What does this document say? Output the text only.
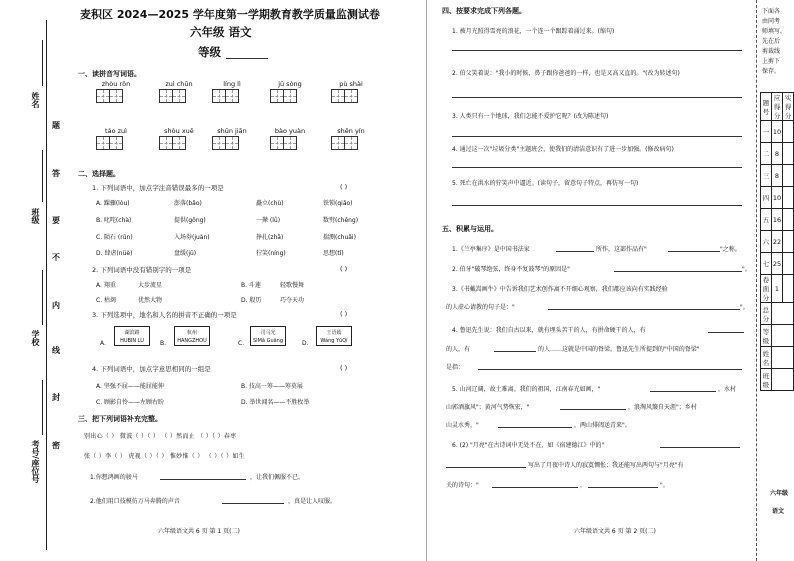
姓名
班级
学校
考号/座位号
题
答
要
不
内
线
封
密
麦积区 2024—2025 学年度第一学期教育教学质量监测试卷
六年级 语文
等级
一、读拼音写词语。
zhòu rǒn	zuì chūn	líng lì	jū sòng	pù shài
táo zuì	shòu xuē	shūn jiān	bào yuàn	shēn yín
二、选择题。
1. 下列词语中，加点字注音错误最多的一项是	( )
A. 踝骤(lòu)	澎落(bǎo)	矗立(chù)	铁锁(qiǎo)
B. 叱咤(chà)	提供(gōng)	一撵 (lǜ)	数劈(chēng)
C. 陨石 (rǔn)	入场券(juàn)	挣扎(zhā)	揣测(chuǎi)
D. 肆虐(nüè)	盘缓(jū)	狞笑(níng)	思想(tǐ)
2. 下列词语中没有错别字的一项是	( )
A. 翔重	大步流星	B. 斗莲	轻歌慢舞
C. 枯竭	优然大物	D. 殷历	巧夺天功
3. 下列选项中，地名和人名的拼音不正确的一项是	( )
A.
湖滨路
HUBIN LU	B.
杭州
HANGZHOU	C.
司马光
SIMǎ Guāng	D.
王语嫣
Wáng YǔQí
4. 下列词语中，加点字意思相同的一组是	( )
A. 坚强不屈——能屈能伸	B. 技高一筹——筹莫展
C. 顾影自怜——左顾右盼	D. 举世闻名——不胜枚举
三、把下列词语补充完整。
别出心（ ） 微波（ ）（ ） （ ）然而止 （ ）（ ）春枣
张（ ）李（ ） 虎视（ ）（ ） 惟妙惟（ ） （ ）（ ）如生
1.你想鸿画的骏马	，让我们佩服不已。
2.他们用口技模仿万马奔腾的声音	，真是让人叹服。
六年级语文共 6 页 第 1 页(二)
四、按要求完成下列各题。
1. 被月光照得雪亮的浪花，一个连一个跟踪着涌过来。(缩句)
2. 伯父笑着说："我小的时候，鼻子跟你爸爸的一样，也是又高又直的。"(改为转述句)
3. 人类只有一个地球，我们怎能不爱护它呢？(改为陈述句)
4. 通过这一次"垃圾分类"主题班会，使我们的清洁意识有了进一步加强。(修改病句)
5. 死亡在洪水的狞笑声中逼近。(读句子，留意句子特点，再仿写一句)
五、积累与运用。
1.《兰亭集序》是中国书法家	所作，这部作品有"	"之称。
2. 伯牙"破琴绝弦，终身不复鼓琴"的原因是"	"。
3.《书戴嵩画牛》中告诉我们艺术创作离不开细心观察，我们都应该向有实践经验
的人虚心请教的句子是："	"。
4. 鲁迅先生说：我们自古以来，就有埋头苦干的人，有拼命硬干的人，有
的人，有	的人……这就是中国的脊梁。鲁迅先生所提到的"中国的脊梁"
是指：
5. 山河辽阔，故土难离。我们的祖国，江南春光如画，"	，水村
山郭酒旗风"；黄河气势恢宏，"	，浪淘风簸自天涯"；乡村
山灵水秀，"	，两山排闼送青来"。
6. (2) "月亮"在古诗词中无处不在，如《宿建德江》中的"
写出了月夜中诗人的寂寞惆怅；我还能写出两句与"月亮"有
关的诗句："	，	"。
六年级语文共 6 页 第 2 页(二)
下面各
由同考
师填写，
先在后
剪裁线
上剪下
保存。
题号	应得分	实得分
一	10	
二	8	
三	8	
四	10	
五	16	
六	22	
七	25	
卷面分	1	
总分		
等级		
姓名		
班级		
六年级
语文
